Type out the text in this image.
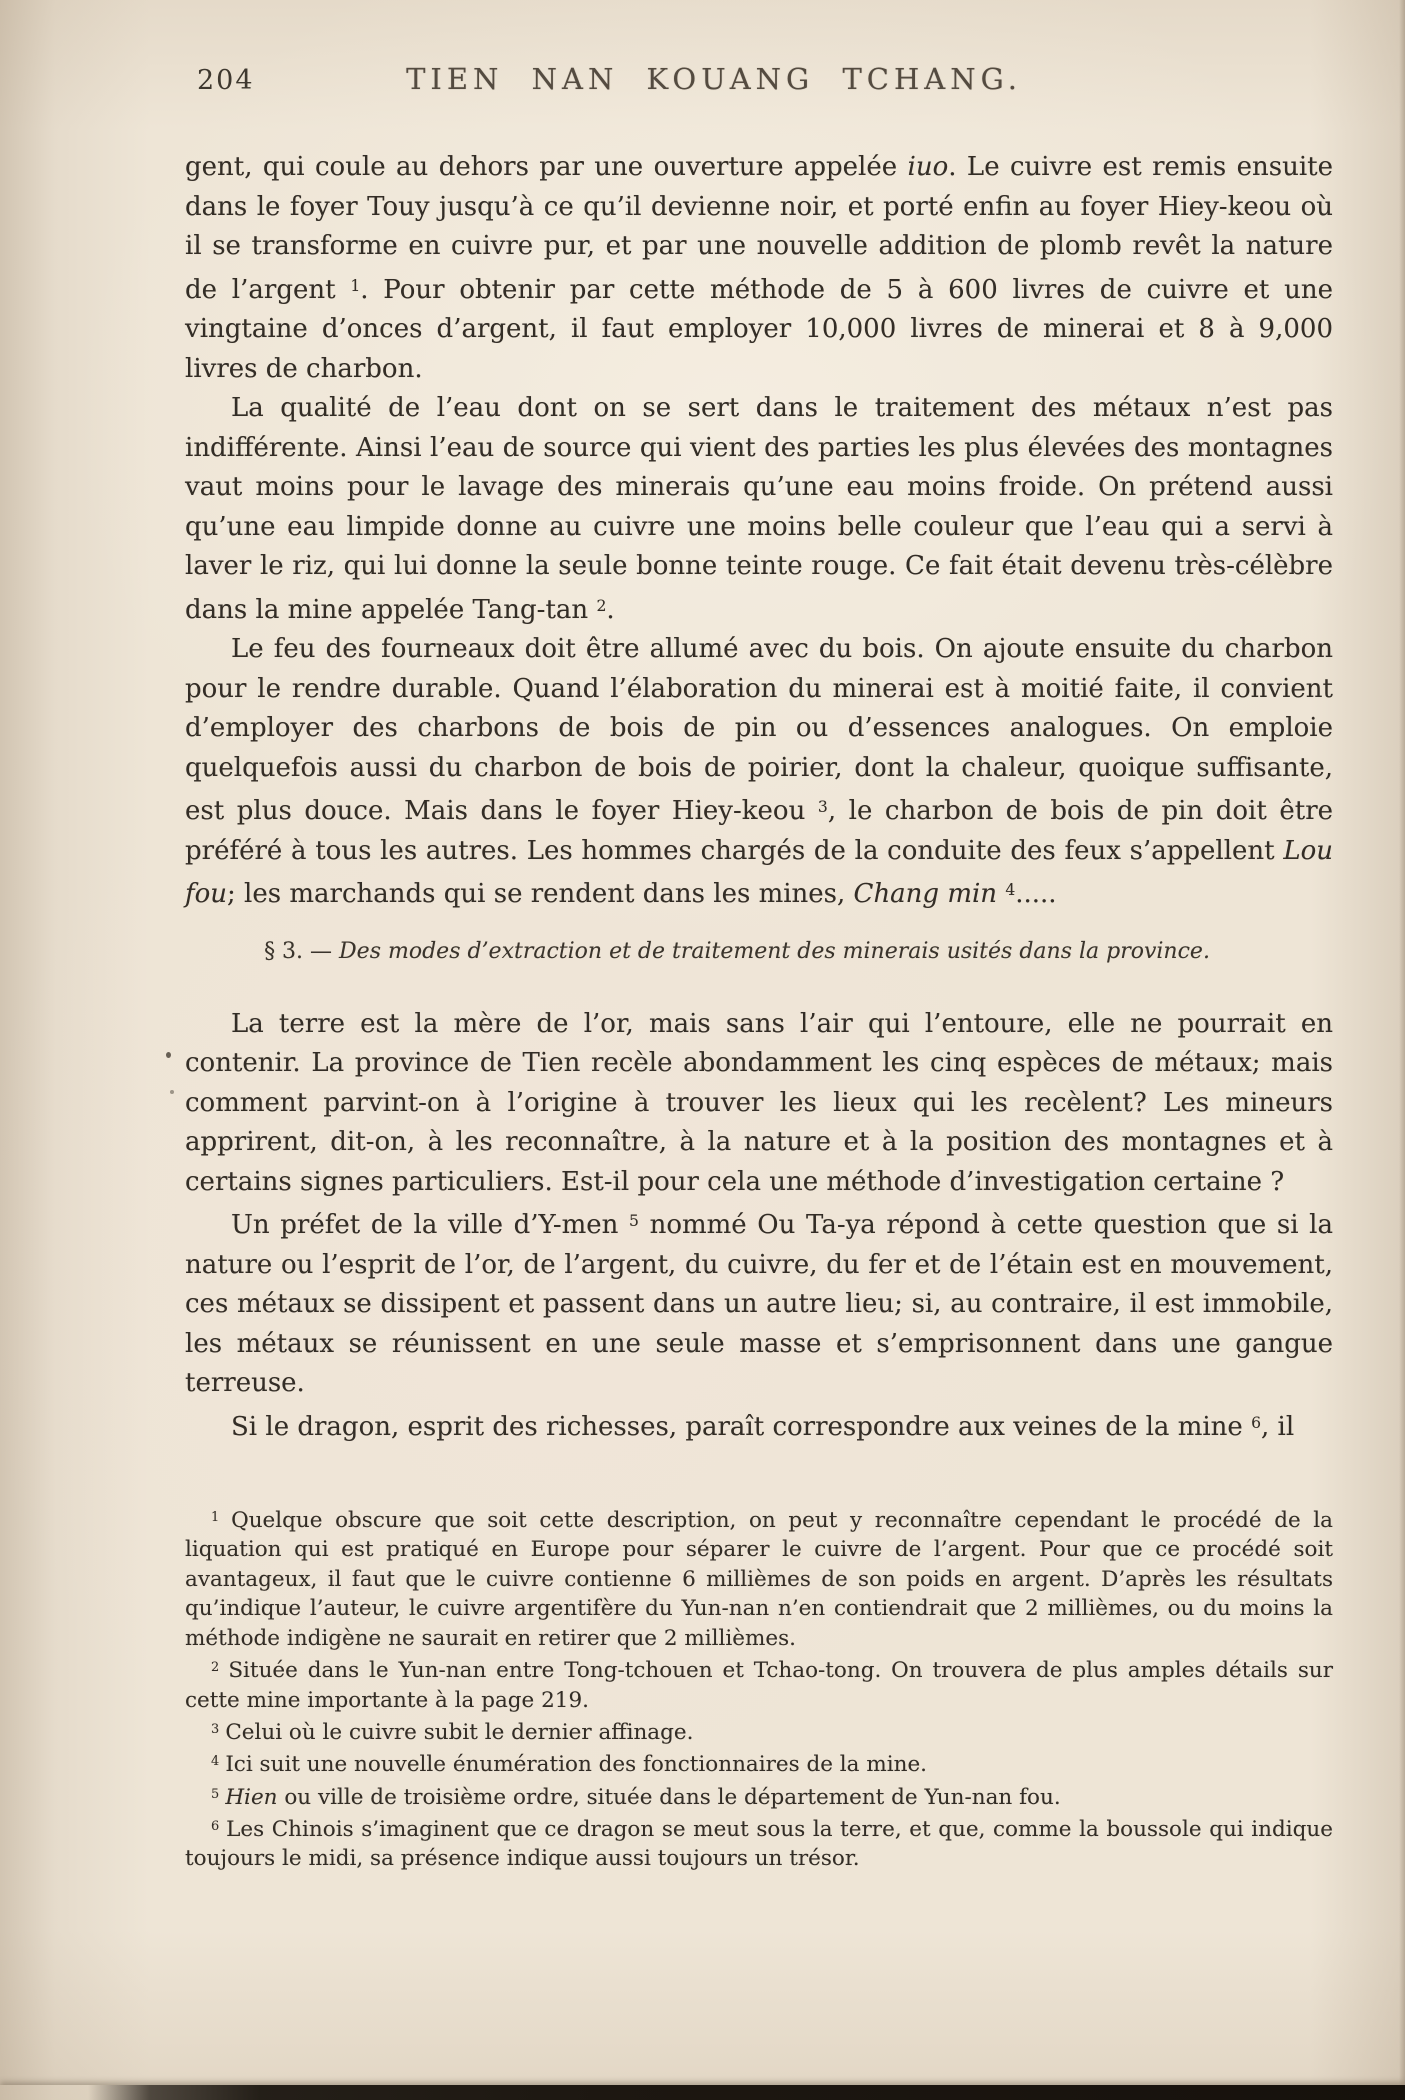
204	TIEN NAN KOUANG TCHANG.

gent, qui coule au dehors par une ouverture appelée iuo. Le cuivre est remis ensuite dans le foyer Touy jusqu’à ce qu’il devienne noir, et porté enfin au foyer Hiey-keou où il se transforme en cuivre pur, et par une nouvelle addition de plomb revêt la nature de l’argent $^1$. Pour obtenir par cette méthode de 5 à 600 livres de cuivre et une vingtaine d’onces d’argent, il faut employer 10,000 livres de minerai et 8 à 9,000 livres de charbon.

La qualité de l’eau dont on se sert dans le traitement des métaux n’est pas indifférente. Ainsi l’eau de source qui vient des parties les plus élevées des montagnes vaut moins pour le lavage des minerais qu’une eau moins froide. On prétend aussi qu’une eau limpide donne au cuivre une moins belle couleur que l’eau qui a servi à laver le riz, qui lui donne la seule bonne teinte rouge. Ce fait était devenu très-célèbre dans la mine appelée Tang-tan $^2$.

Le feu des fourneaux doit être allumé avec du bois. On ajoute ensuite du charbon pour le rendre durable. Quand l’élaboration du minerai est à moitié faite, il convient d’employer des charbons de bois de pin ou d’essences analogues. On emploie quelquefois aussi du charbon de bois de poirier, dont la chaleur, quoique suffisante, est plus douce. Mais dans le foyer Hiey-keou $^3$, le charbon de bois de pin doit être préféré à tous les autres. Les hommes chargés de la conduite des feux s’appellent Lou fou; les marchands qui se rendent dans les mines, Chang min $^4$.....

§ 3. — Des modes d’extraction et de traitement des minerais usités dans la province.

La terre est la mère de l’or, mais sans l’air qui l’entoure, elle ne pourrait en contenir. La province de Tien recèle abondamment les cinq espèces de métaux; mais comment parvint-on à l’origine à trouver les lieux qui les recèlent? Les mineurs apprirent, dit-on, à les reconnaître, à la nature et à la position des montagnes et à certains signes particuliers. Est-il pour cela une méthode d’investigation certaine ?

Un préfet de la ville d’Y-men $^5$ nommé Ou Ta-ya répond à cette question que si la nature ou l’esprit de l’or, de l’argent, du cuivre, du fer et de l’étain est en mouvement, ces métaux se dissipent et passent dans un autre lieu; si, au contraire, il est immobile, les métaux se réunissent en une seule masse et s’emprisonnent dans une gangue terreuse.

Si le dragon, esprit des richesses, paraît correspondre aux veines de la mine $^6$, il

$^1$ Quelque obscure que soit cette description, on peut y reconnaître cependant le procédé de la liquation qui est pratiqué en Europe pour séparer le cuivre de l’argent. Pour que ce procédé soit avantageux, il faut que le cuivre contienne 6 millièmes de son poids en argent. D’après les résultats qu’indique l’auteur, le cuivre argentifère du Yun-nan n’en contiendrait que 2 millièmes, ou du moins la méthode indigène ne saurait en retirer que 2 millièmes.

$^2$ Située dans le Yun-nan entre Tong-tchouen et Tchao-tong. On trouvera de plus amples détails sur cette mine importante à la page 219.

$^3$ Celui où le cuivre subit le dernier affinage.

$^4$ Ici suit une nouvelle énumération des fonctionnaires de la mine.

$^5$ Hien ou ville de troisième ordre, située dans le département de Yun-nan fou.

$^6$ Les Chinois s’imaginent que ce dragon se meut sous la terre, et que, comme la boussole qui indique toujours le midi, sa présence indique aussi toujours un trésor.
